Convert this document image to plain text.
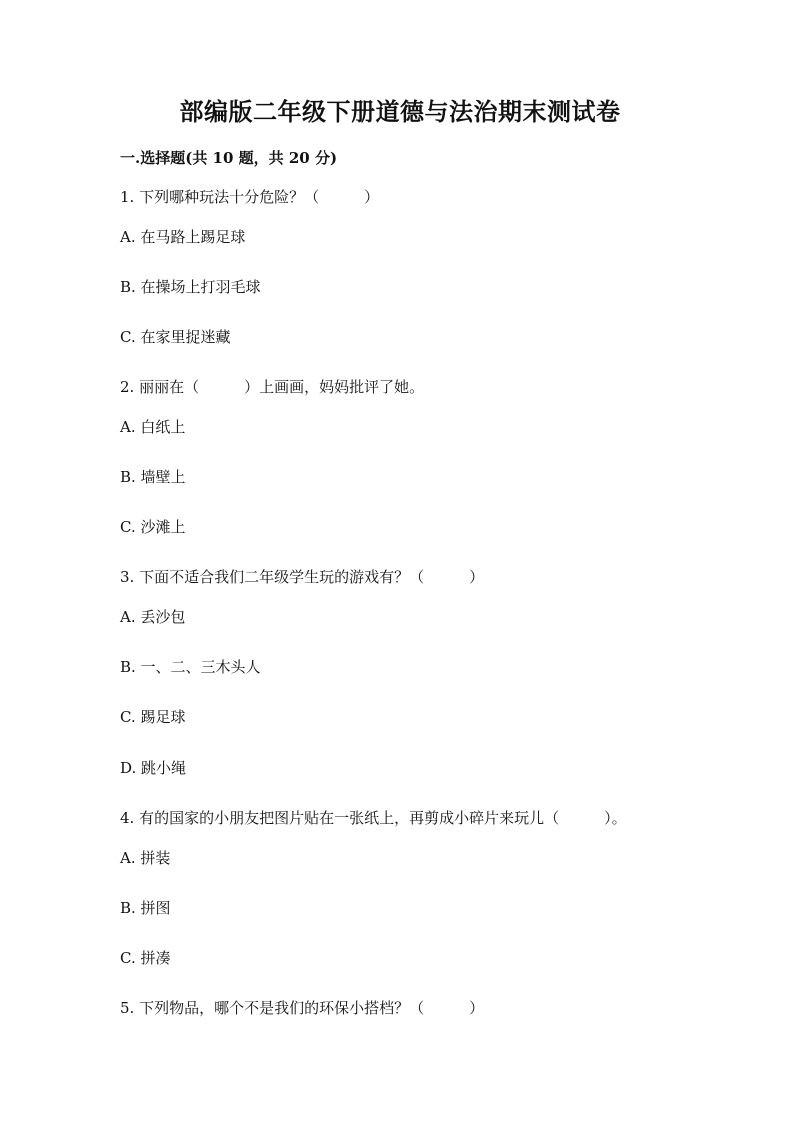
部编版二年级下册道德与法治期末测试卷
一.选择题(共 10 题，共 20 分)
1. 下列哪种玩法十分危险？（　　　）
A. 在马路上踢足球
B. 在操场上打羽毛球
C. 在家里捉迷藏
2. 丽丽在（　　　）上画画，妈妈批评了她。
A. 白纸上
B. 墙壁上
C. 沙滩上
3. 下面不适合我们二年级学生玩的游戏有？（　　　）
A. 丢沙包
B. 一、二、三木头人
C. 踢足球
D. 跳小绳
4. 有的国家的小朋友把图片贴在一张纸上，再剪成小碎片来玩儿（　　　）。
A. 拼装
B. 拼图
C. 拼凑
5. 下列物品，哪个不是我们的环保小搭档？（　　　）
